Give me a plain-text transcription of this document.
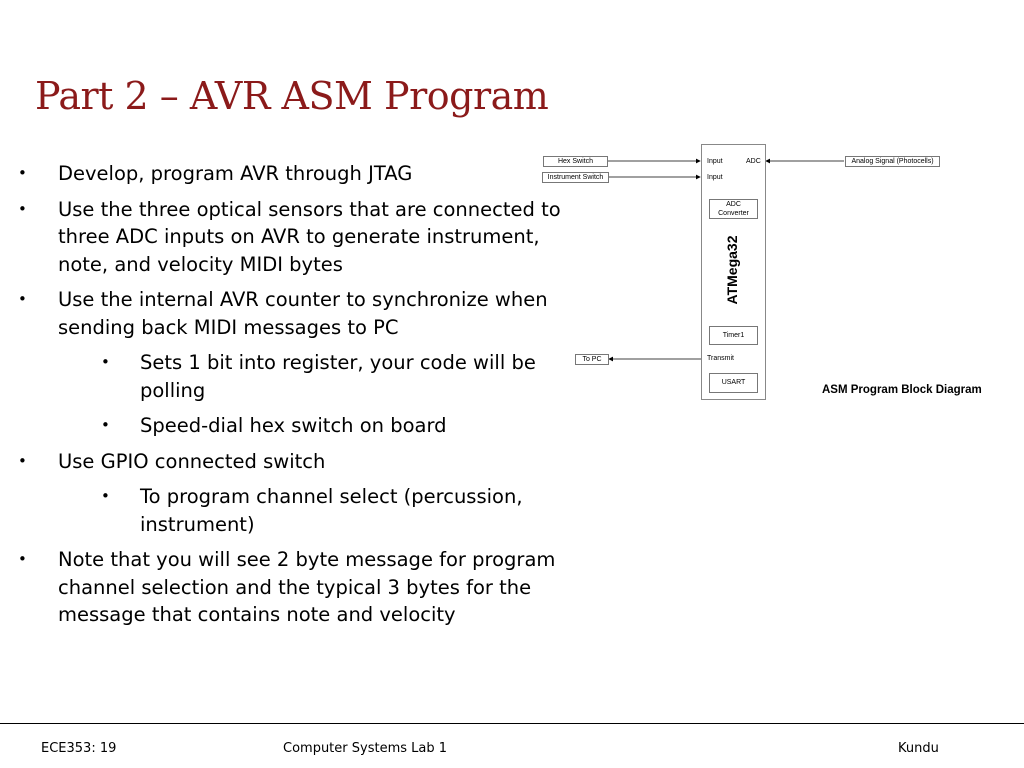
Part 2 – AVR ASM Program
• Develop, program AVR through JTAG
• Use the three optical sensors that are connected to three ADC inputs on AVR to generate instrument, note, and velocity MIDI bytes
• Use the internal AVR counter to synchronize when sending back MIDI messages to PC
• Sets 1 bit into register, your code will be polling
• Speed-dial hex switch on board
• Use GPIO connected switch
• To program channel select (percussion, instrument)
• Note that you will see 2 byte message for program channel selection and the typical 3 bytes for the message that contains note and velocity
ATMega32
Hex Switch
Instrument Switch
Analog Signal (Photocells)
To PC
Input	ADC
Input
Transmit
ADC
Converter
Timer1
USART
ASM Program Block Diagram
ECE353: 19	Computer Systems Lab 1	Kundu
